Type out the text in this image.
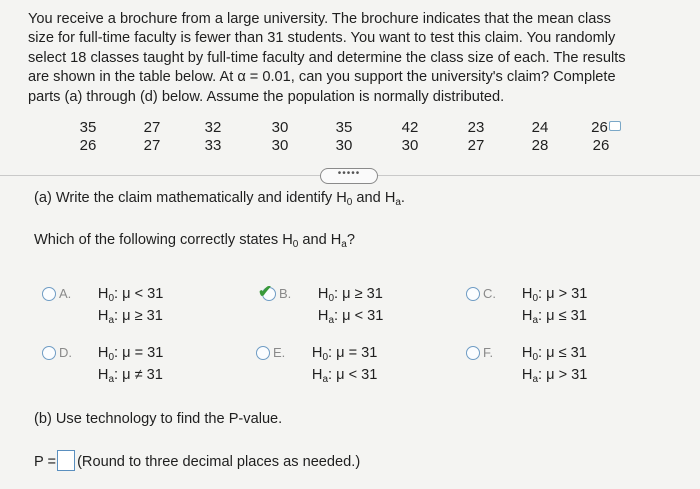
You receive a brochure from a large university. The brochure indicates that the mean class

size for full-time faculty is fewer than 31 students. You want to test this claim. You randomly

select 18 classes taught by full-time faculty and determine the class size of each. The results

are shown in the table below. At α = 0.01, can you support the university's claim? Complete

parts (a) through (d) below. Assume the population is normally distributed.

35	27	32	30	35	42	23	24	26
26	27	33	30	30	30	27	28	26
•••••
(a) Write the claim mathematically and identify $H_0$ and $H_a$.
Which of the following correctly states $H_0$ and $H_a$?
A.	$H_0$: μ < 31
$H_a$: μ ≥ 31
✔ B.	$H_0$: μ ≥ 31
$H_a$: μ < 31
C.	$H_0$: μ > 31
$H_a$: μ ≤ 31
D.	$H_0$: μ = 31
$H_a$: μ ≠ 31
E.	$H_0$: μ = 31
$H_a$: μ < 31
F.	$H_0$: μ ≤ 31
$H_a$: μ > 31
(b) Use technology to find the P-value.
P = (Round to three decimal places as needed.)
